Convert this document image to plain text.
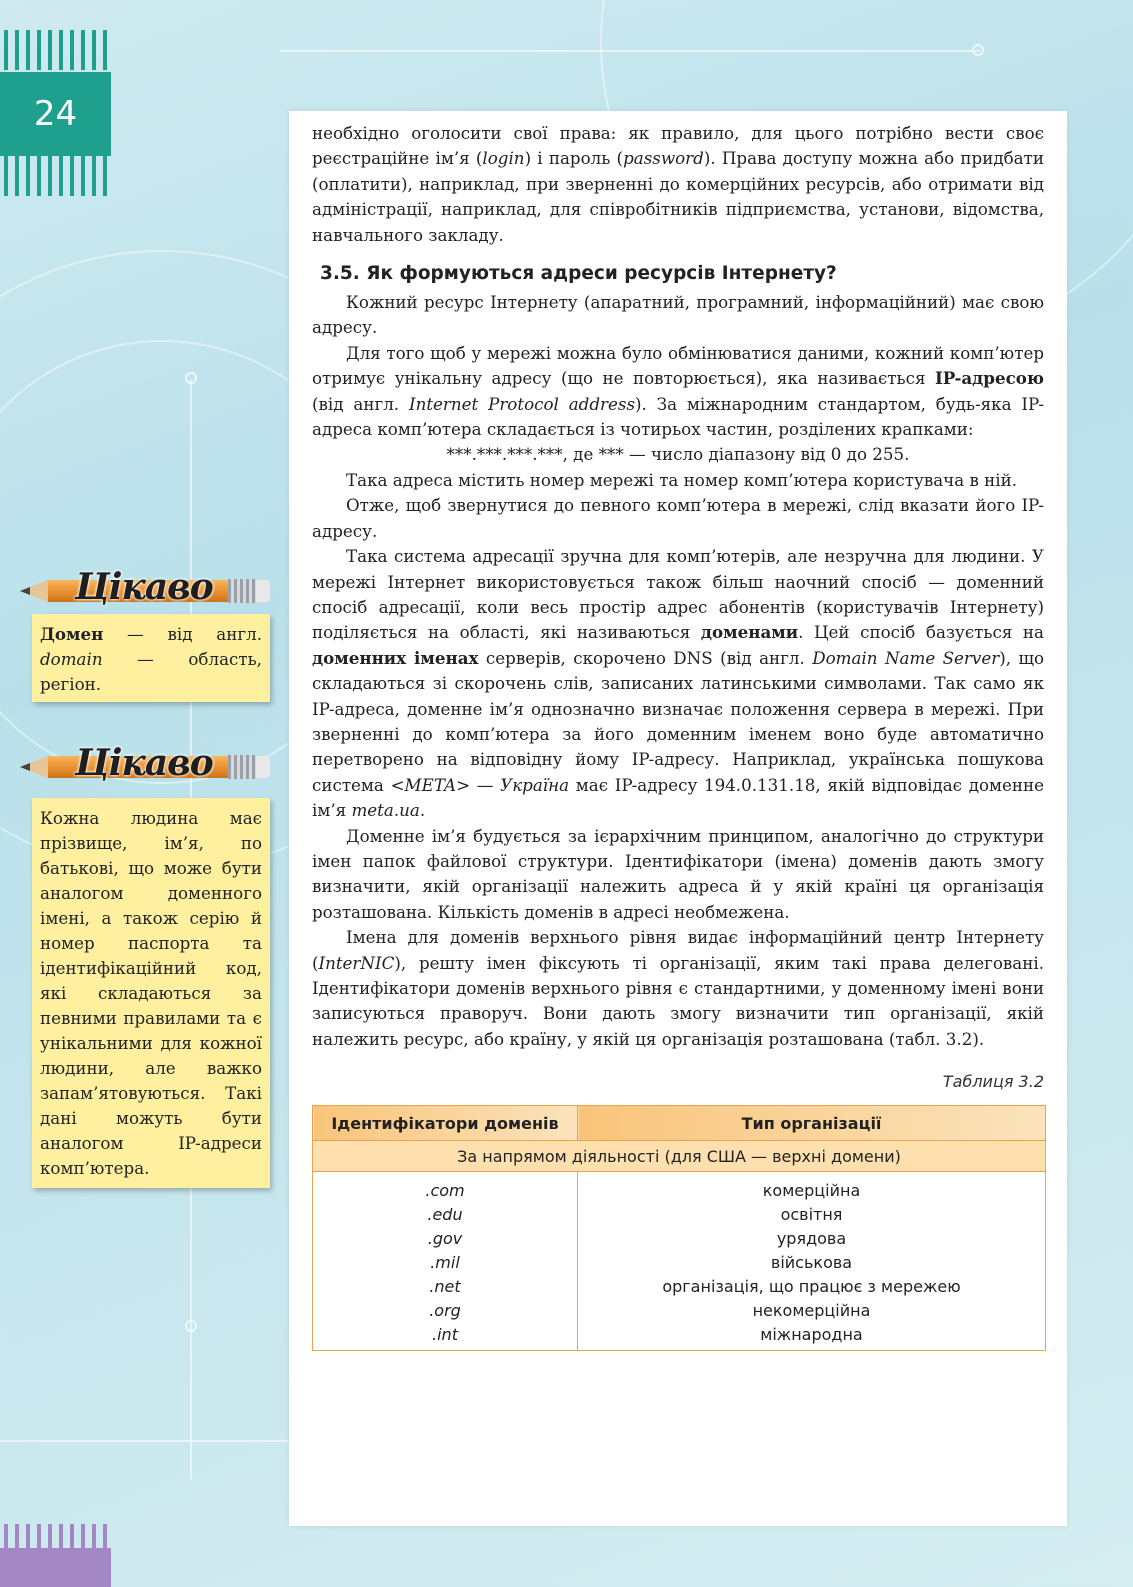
24	необхідно оголосити свої права: як правило, для цього потрібно вести своє реєстраційне ім’я (login) і пароль (password). Права доступу можна або придбати (оплатити), наприклад, при зверненні до комерційних ресурсів, або отримати від адміністрації, наприклад, для співробітників підприємства, установи, відомства, навчального закладу.

3.5. Як формуються адреси ресурсів Інтернету?

Кожний ресурс Інтернету (апаратний, програмний, інформаційний) має свою адресу.

Для того щоб у мережі можна було обмінюватися даними, кожний комп’ютер отримує унікальну адресу (що не повторюється), яка називається IP-адресою (від англ. Internet Protocol address). За міжнародним стандартом, будь-яка IP-адреса комп’ютера складається із чотирьох частин, розділених крапками:

***.***.***.***, де *** — число діапазону від 0 до 255.

Така адреса містить номер мережі та номер комп’ютера користувача в ній.

Отже, щоб звернутися до певного комп’ютера в мережі, слід вказати його IP-адресу.

Така система адресації зручна для комп’ютерів, але незручна для людини. У мережі Інтернет використовується також більш наочний спосіб — доменний спосіб адресації, коли весь простір адрес абонентів (користувачів Інтернету) поділяється на області, які називаються доменами. Цей спосіб базується на доменних іменах серверів, скорочено DNS (від англ. Domain Name Server), що складаються зі скорочень слів, записаних латинськими символами. Так само як IP-адреса, доменне ім’я однозначно визначає положення сервера в мережі. При зверненні до комп’ютера за його доменним іменем воно буде автоматично перетворено на відповідну йому IP-адресу. Наприклад, українська пошукова система <META> — Україна має IP-адресу 194.0.131.18, якій відповідає доменне ім’я meta.ua.

Доменне ім’я будується за ієрархічним принципом, аналогічно до структури імен папок файлової структури. Ідентифікатори (імена) доменів дають змогу визначити, якій організації належить адреса й у якій країні ця організація розташована. Кількість доменів в адресі необмежена.

Імена для доменів верхнього рівня видає інформаційний центр Інтернету (InterNIC), решту імен фіксують ті організації, яким такі права делеговані. Ідентифікатори доменів верхнього рівня є стандартними, у доменному імені вони записуються праворуч. Вони дають змогу визначити тип організації, якій належить ресурс, або країну, у якій ця організація розташована (табл. 3.2).

Таблиця 3.2
Ідентифікатори доменів	Тип організації
За напрямом діяльності (для США — верхні домени)	
.com	комерційна
.edu	освітня
.gov	урядова
.mil	військова
.net	організація, що працює з мережею
.org	некомерційна
.int	міжнародна
Цікаво

Домен — від англ. domain — область, регіон.

Цікаво

Кожна людина має прізвище, ім’я, по батькові, що може бути аналогом доменного імені, а також серію й номер паспорта та ідентифікаційний код, які складаються за певними правилами та є унікальними для кожної людини, але важко запам’ятовуються. Такі дані можуть бути аналогом IP-адреси комп’ютера.
